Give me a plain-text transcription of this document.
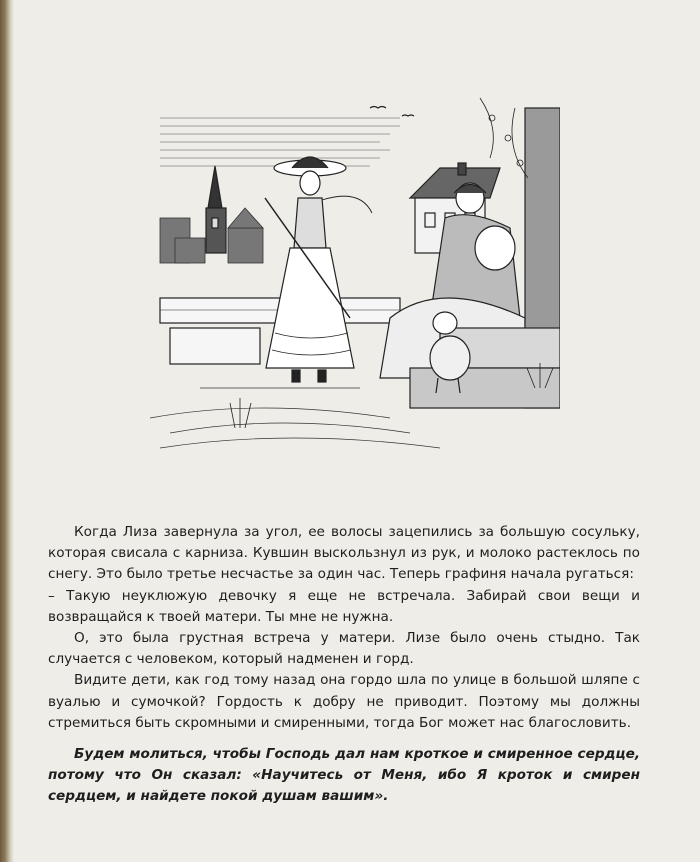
Когда Лиза завернула за угол, ее волосы зацепились за большую сосульку, которая свисала с карниза. Кувшин выскользнул из рук, и молоко растеклось по снегу. Это было третье несчастье за один час. Теперь графиня начала ругаться:

– Такую неуклюжую девочку я еще не встречала. Забирай свои вещи и возвращайся к твоей матери. Ты мне не нужна.

О, это была грустная встреча у матери. Лизе было очень стыдно. Так случается с человеком, который надменен и горд.

Видите дети, как год тому назад она гордо шла по улице в большой шляпе с вуалью и сумочкой? Гордость к добру не приводит. Поэтому мы должны стремиться быть скромными и смиренными, тогда Бог может нас благословить.

Будем молиться, чтобы Господь дал нам кроткое и смиренное сердце, потому что Он сказал: «Научитесь от Меня, ибо Я кроток и смирен сердцем, и найдете покой душам вашим».
